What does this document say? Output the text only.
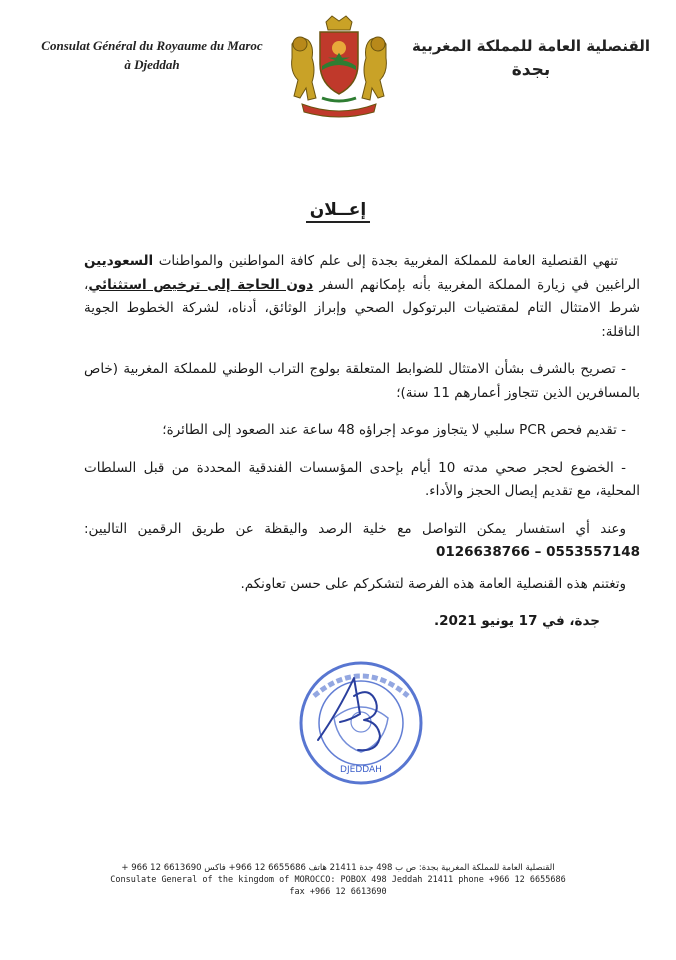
Consulat Général du Royaume du Maroc
à Djeddah
القنصلية العامة للمملكة المغربية
بجدة
إعــلان

تنهي القنصلية العامة للمملكة المغربية بجدة إلى علم كافة المواطنين والمواطنات السعوديين الراغبين في زيارة المملكة المغربية بأنه بإمكانهم السفر دون الحاجة إلى ترخيص استثنائي، شرط الامتثال التام لمقتضيات البرتوكول الصحي وإبراز الوثائق، أدناه، لشركة الخطوط الجوية الناقلة:

- تصريح بالشرف بشأن الامتثال للضوابط المتعلقة بولوج التراب الوطني للمملكة المغربية (خاص بالمسافرين الذين تتجاوز أعمارهم 11 سنة)؛

- تقديم فحص PCR سلبي لا يتجاوز موعد إجراؤه 48 ساعة عند الصعود إلى الطائرة؛

- الخضوع لحجر صحي مدته 10 أيام بإحدى المؤسسات الفندقية المحددة من قبل السلطات المحلية، مع تقديم إيصال الحجز والأداء.

وعند أي استفسار يمكن التواصل مع خلية الرصد واليقظة عن طريق الرقمين التاليين: 0553557148 – 0126638766

وتغتنم هذه القنصلية العامة هذه الفرصة لتشكركم على حسن تعاونكم.

جدة، في 17 يونيو 2021.

DJEDDAH
القنصلية العامة للمملكة المغربية بجدة: ص ب 498 جدة 21411 هاتف 6655686 12 966+ فاكس 6613690 12 966 +
Consulate General of the kingdom of MOROCCO: POBOX 498 Jeddah 21411 phone +966 12 6655686
fax +966 12 6613690
